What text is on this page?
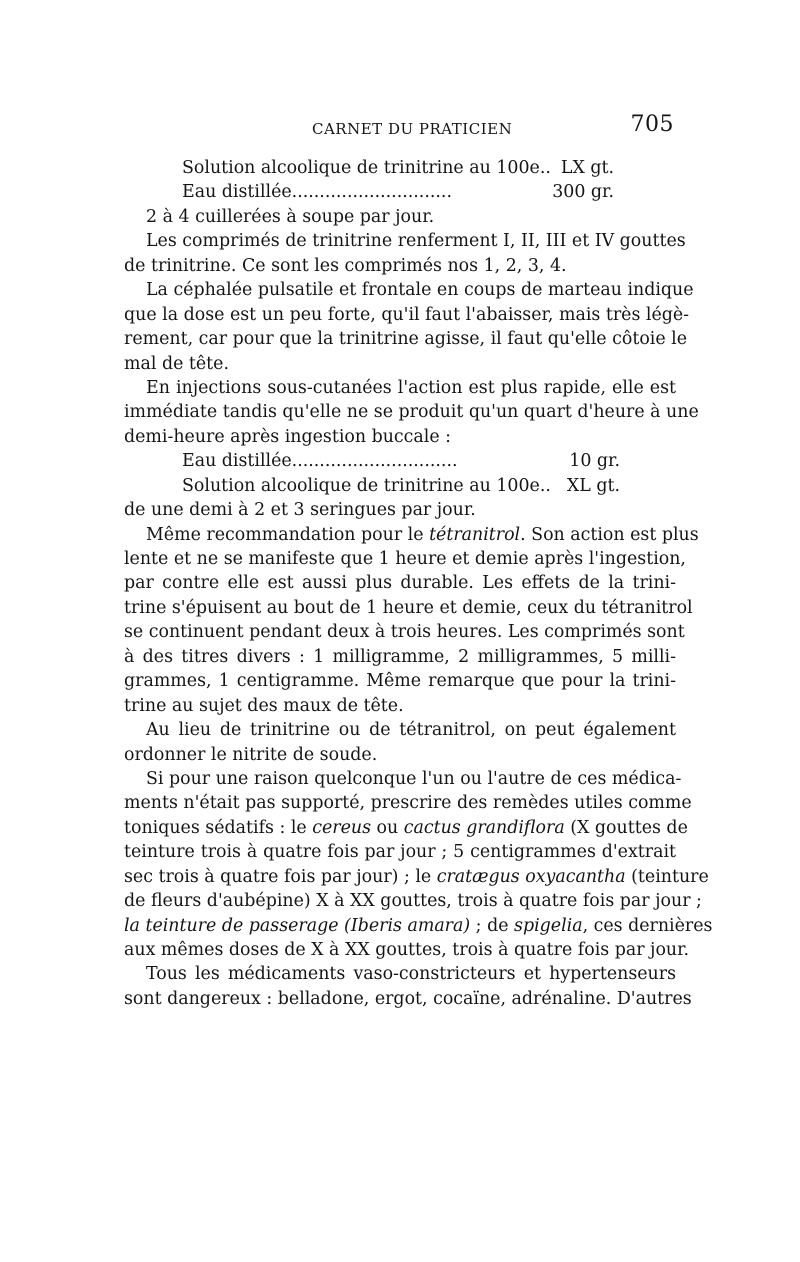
CARNET DU PRATICIEN	705
Solution alcoolique de trinitrine au 100e.. LX gt.
Eau distillée.............................	300 gr.
2 à 4 cuillerées à soupe par jour.
Les comprimés de trinitrine renferment I, II, III et IV gouttes
de trinitrine. Ce sont les comprimés nos 1, 2, 3, 4.
La céphalée pulsatile et frontale en coups de marteau indique
que la dose est un peu forte, qu'il faut l'abaisser, mais très légè-
rement, car pour que la trinitrine agisse, il faut qu'elle côtoie le
mal de tête.
En injections sous-cutanées l'action est plus rapide, elle est
immédiate tandis qu'elle ne se produit qu'un quart d'heure à une
demi-heure après ingestion buccale :
Eau distillée..............................	10 gr.
Solution alcoolique de trinitrine au 100e.. XL gt.
de une demi à 2 et 3 seringues par jour.
Même recommandation pour le tétranitrol. Son action est plus
lente et ne se manifeste que 1 heure et demie après l'ingestion,
par contre elle est aussi plus durable. Les effets de la trini-
trine s'épuisent au bout de 1 heure et demie, ceux du tétranitrol
se continuent pendant deux à trois heures. Les comprimés sont
à des titres divers : 1 milligramme, 2 milligrammes, 5 milli-
grammes, 1 centigramme. Même remarque que pour la trini-
trine au sujet des maux de tête.
Au lieu de trinitrine ou de tétranitrol, on peut également
ordonner le nitrite de soude.
Si pour une raison quelconque l'un ou l'autre de ces médica-
ments n'était pas supporté, prescrire des remèdes utiles comme
toniques sédatifs : le cereus ou cactus grandiflora (X gouttes de
teinture trois à quatre fois par jour ; 5 centigrammes d'extrait
sec trois à quatre fois par jour) ; le cratægus oxyacantha (teinture
de fleurs d'aubépine) X à XX gouttes, trois à quatre fois par jour ;
la teinture de passerage (Iberis amara) ; de spigelia, ces dernières
aux mêmes doses de X à XX gouttes, trois à quatre fois par jour.
Tous les médicaments vaso-constricteurs et hypertenseurs
sont dangereux : belladone, ergot, cocaïne, adrénaline. D'autres
